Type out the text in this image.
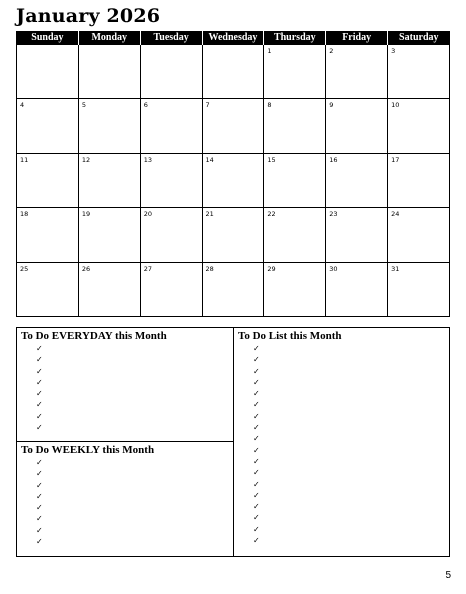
January 2026
Sunday	Monday	Tuesday	Wednesday	Thursday	Friday	Saturday

				1	2	3

4	5	6	7	8	9	10

11	12	13	14	15	16	17

18	19	20	21	22	23	24

25	26	27	28	29	30	31
To Do EVERYDAY this Month
✓
✓
✓
✓
✓
✓
✓
✓
To Do WEEKLY this Month
✓
✓
✓
✓
✓
✓
✓
✓
To Do List this Month
✓
✓
✓
✓
✓
✓
✓
✓
✓
✓
✓
✓
✓
✓
✓
✓
✓
✓
5
